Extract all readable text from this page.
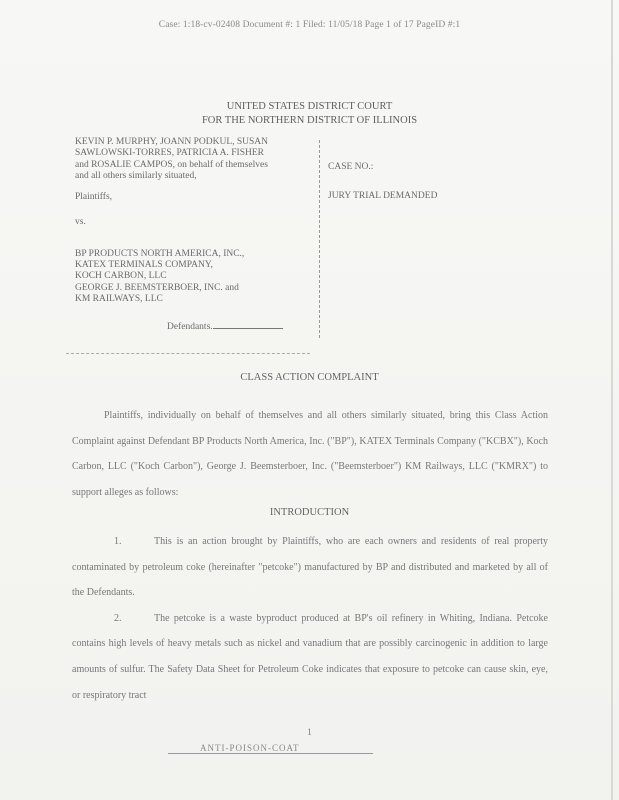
Case: 1:18-cv-02408 Document #: 1 Filed: 11/05/18 Page 1 of 17 PageID #:1
UNITED STATES DISTRICT COURT
FOR THE NORTHERN DISTRICT OF ILLINOIS
KEVIN P. MURPHY, JOANN PODKUL, SUSAN
SAWLOWSKI-TORRES, PATRICIA A. FISHER
and ROSALIE CAMPOS, on behalf of themselves
and all others similarly situated,
Plaintiffs,
vs.
BP PRODUCTS NORTH AMERICA, INC.,
KATEX TERMINALS COMPANY,
KOCH CARBON, LLC
GEORGE J. BEEMSTERBOER, INC. and
KM RAILWAYS, LLC
Defendants.
CASE NO.:
JURY TRIAL DEMANDED
CLASS ACTION COMPLAINT

Plaintiffs, individually on behalf of themselves and all others similarly situated, bring this Class Action Complaint against Defendant BP Products North America, Inc. ("BP"), KATEX Terminals Company ("KCBX"), Koch Carbon, LLC ("Koch Carbon"), George J. Beemsterboer, Inc. ("Beemsterboer") KM Railways, LLC ("KMRX") to support alleges as follows:

INTRODUCTION

1.	This is an action brought by Plaintiffs, who are each owners and residents of real property contaminated by petroleum coke (hereinafter "petcoke") manufactured by BP and distributed and marketed by all of the Defendants.

2.	The petcoke is a waste byproduct produced at BP's oil refinery in Whiting, Indiana. Petcoke contains high levels of heavy metals such as nickel and vanadium that are possibly carcinogenic in addition to large amounts of sulfur. The Safety Data Sheet for Petroleum Coke indicates that exposure to petcoke can cause skin, eye, or respiratory tract

1
ANTI-POISON-COAT
